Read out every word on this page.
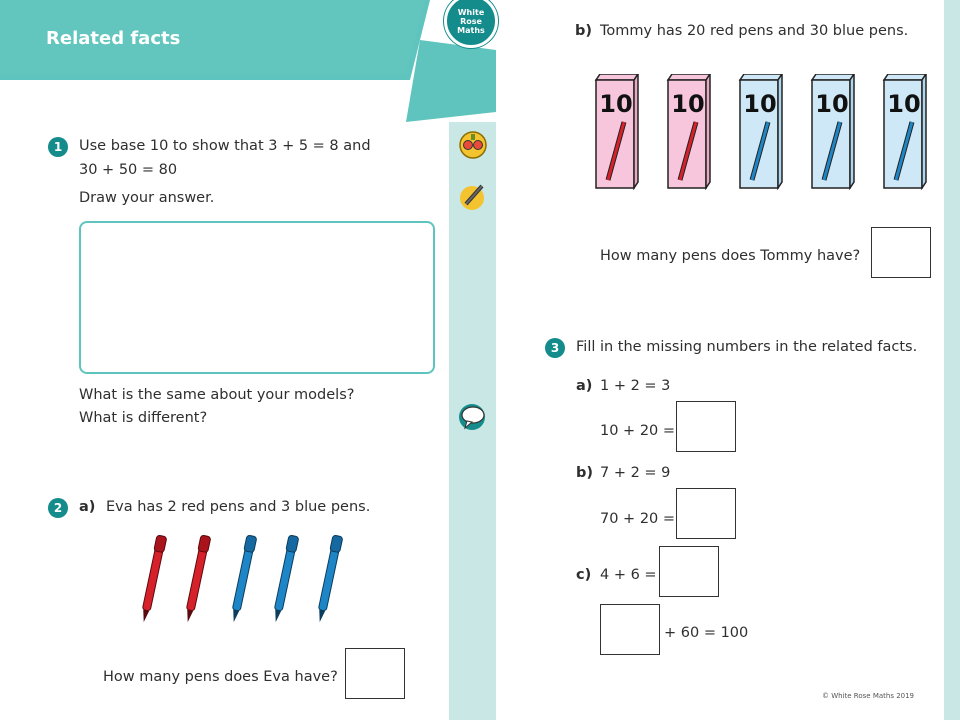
Related facts
White
Rose
Maths
1	Use base 10 to show that 3 + 5 = 8 and
30 + 50 = 80
Draw your answer.
What is the same about your models?
What is different?
2	a) Eva has 2 red pens and 3 blue pens.
How many pens does Eva have?
b) Tommy has 20 red pens and 30 blue pens.
10 10 10 10 10
How many pens does Tommy have?
3	Fill in the missing numbers in the related facts.
a) 1 + 2 = 3
10 + 20 =
b) 7 + 2 = 9
70 + 20 =
c) 4 + 6 =
+ 60 = 100
© White Rose Maths 2019
